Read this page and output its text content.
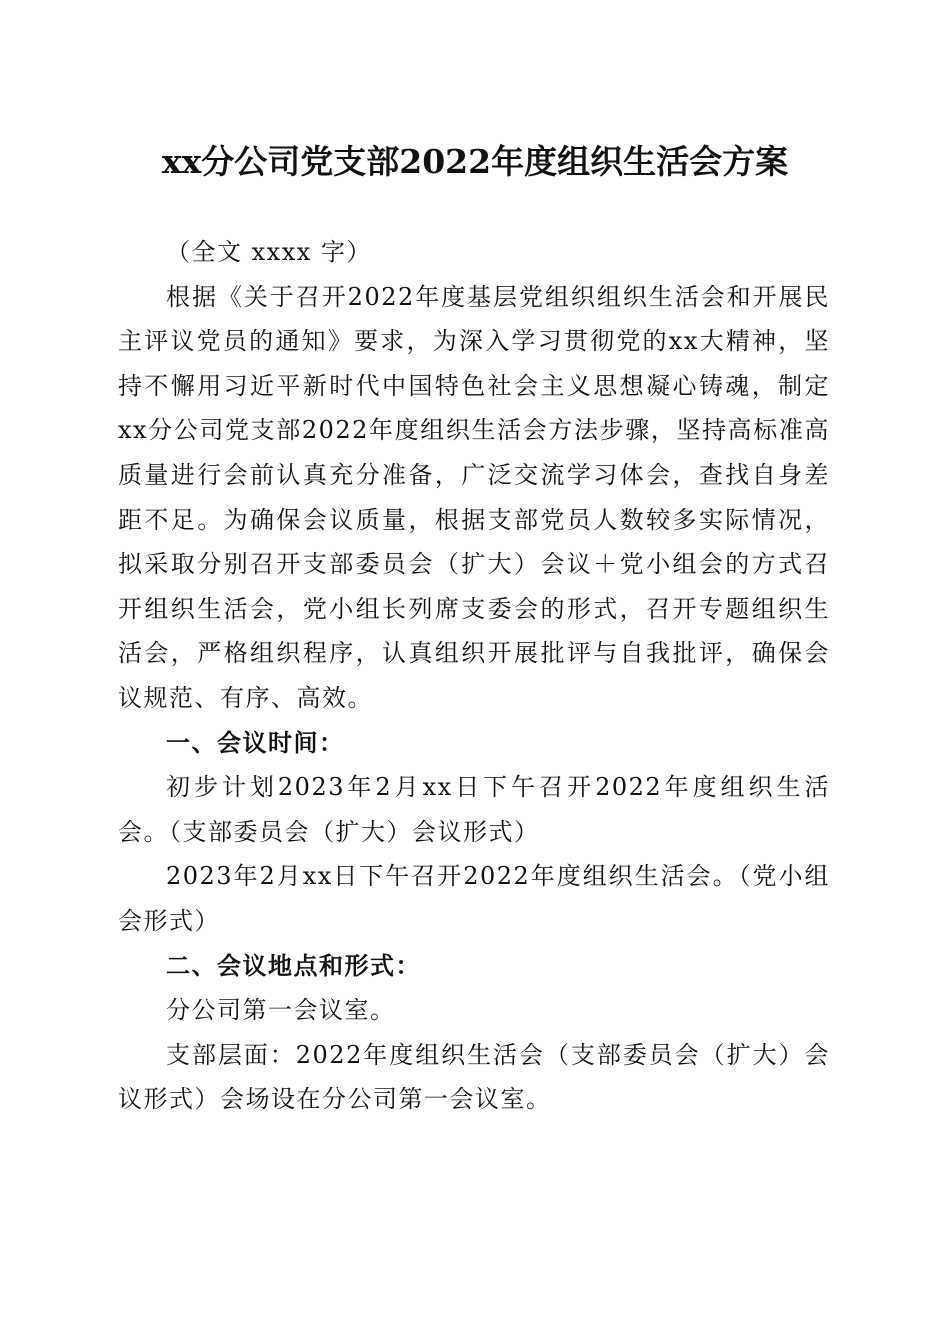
xx分公司党支部2022年度组织生活会方案

（全文 xxxx 字）

根据《关于召开2022年度基层党组织组织生活会和开展民主评议党员的通知》要求，为深入学习贯彻党的xx大精神，坚持不懈用习近平新时代中国特色社会主义思想凝心铸魂，制定xx分公司党支部2022年度组织生活会方法步骤，坚持高标准高质量进行会前认真充分准备，广泛交流学习体会，查找自身差距不足。为确保会议质量，根据支部党员人数较多实际情况，拟采取分别召开支部委员会（扩大）会议＋党小组会的方式召开组织生活会，党小组长列席支委会的形式，召开专题组织生活会，严格组织程序，认真组织开展批评与自我批评，确保会议规范、有序、高效。

一、会议时间：

初步计划2023年2月xx日下午召开2022年度组织生活会。（支部委员会（扩大）会议形式）

2023年2月xx日下午召开2022年度组织生活会。（党小组会形式）

二、会议地点和形式：

分公司第一会议室。

支部层面：2022年度组织生活会（支部委员会（扩大）会议形式）会场设在分公司第一会议室。
